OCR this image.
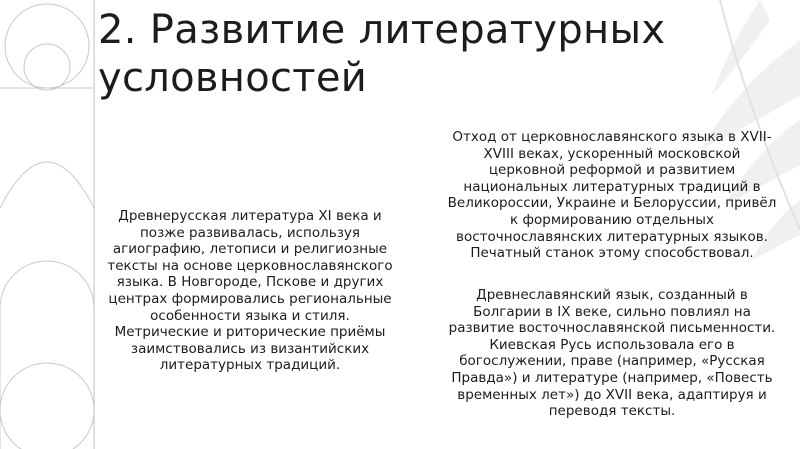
2. Развитие литературных условностей

Древнерусская литература XI века и
позже развивалась, используя
агиографию, летописи и религиозные
тексты на основе церковнославянского
языка. В Новгороде, Пскове и других
центрах формировались региональные
особенности языка и стиля.
Метрические и риторические приёмы
заимствовались из византийских
литературных традиций.

Отход от церковнославянского языка в XVII-
XVIII веках, ускоренный московской
церковной реформой и развитием
национальных литературных традиций в
Великороссии, Украине и Белоруссии, привёл
к формированию отдельных
восточнославянских литературных языков.
Печатный станок этому способствовал.

Древнеславянский язык, созданный в
Болгарии в IX веке, сильно повлиял на
развитие восточнославянской письменности.
Киевская Русь использовала его в
богослужении, праве (например, «Русская
Правда») и литературе (например, «Повесть
временных лет») до XVII века, адаптируя и
переводя тексты.
